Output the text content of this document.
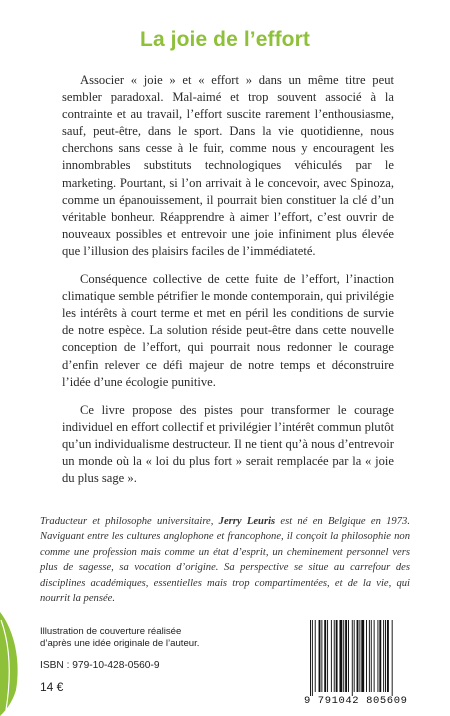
La joie de l’effort

Associer « joie » et « effort » dans un même titre peut sembler paradoxal. Mal-aimé et trop souvent associé à la contrainte et au travail, l’effort suscite rarement l’enthousiasme, sauf, peut-être, dans le sport. Dans la vie quotidienne, nous cherchons sans cesse à le fuir, comme nous y encouragent les innombrables substituts technologiques véhiculés par le marketing. Pourtant, si l’on arrivait à le concevoir, avec Spinoza, comme un épanouissement, il pourrait bien constituer la clé d’un véritable bonheur. Réapprendre à aimer l’effort, c’est ouvrir de nouveaux possibles et entrevoir une joie infiniment plus élevée que l’illusion des plaisirs faciles de l’immédiateté.

Conséquence collective de cette fuite de l’effort, l’inaction climatique semble pétrifier le monde contemporain, qui privilégie les intérêts à court terme et met en péril les conditions de survie de notre espèce. La solution réside peut-être dans cette nouvelle conception de l’effort, qui pourrait nous redonner le courage d’enfin relever ce défi majeur de notre temps et déconstruire l’idée d’une écologie punitive.

Ce livre propose des pistes pour transformer le courage individuel en effort collectif et privilégier l’intérêt commun plutôt qu’un individualisme destructeur. Il ne tient qu’à nous d’entrevoir un monde où la « loi du plus fort » serait remplacée par la « joie du plus sage ».

Traducteur et philosophe universitaire, Jerry Leuris est né en Belgique en 1973. Naviguant entre les cultures anglophone et francophone, il conçoit la philosophie non comme une profession mais comme un état d’esprit, un cheminement personnel vers plus de sagesse, sa vocation d’origine. Sa perspective se situe au carrefour des disciplines académiques, essentielles mais trop compartimentées, et de la vie, qui nourrit la pensée.
Illustration de couverture réalisée
d’après une idée originale de l’auteur.
ISBN : 979-10-428-0560-9
14 €
9 791042 805609
